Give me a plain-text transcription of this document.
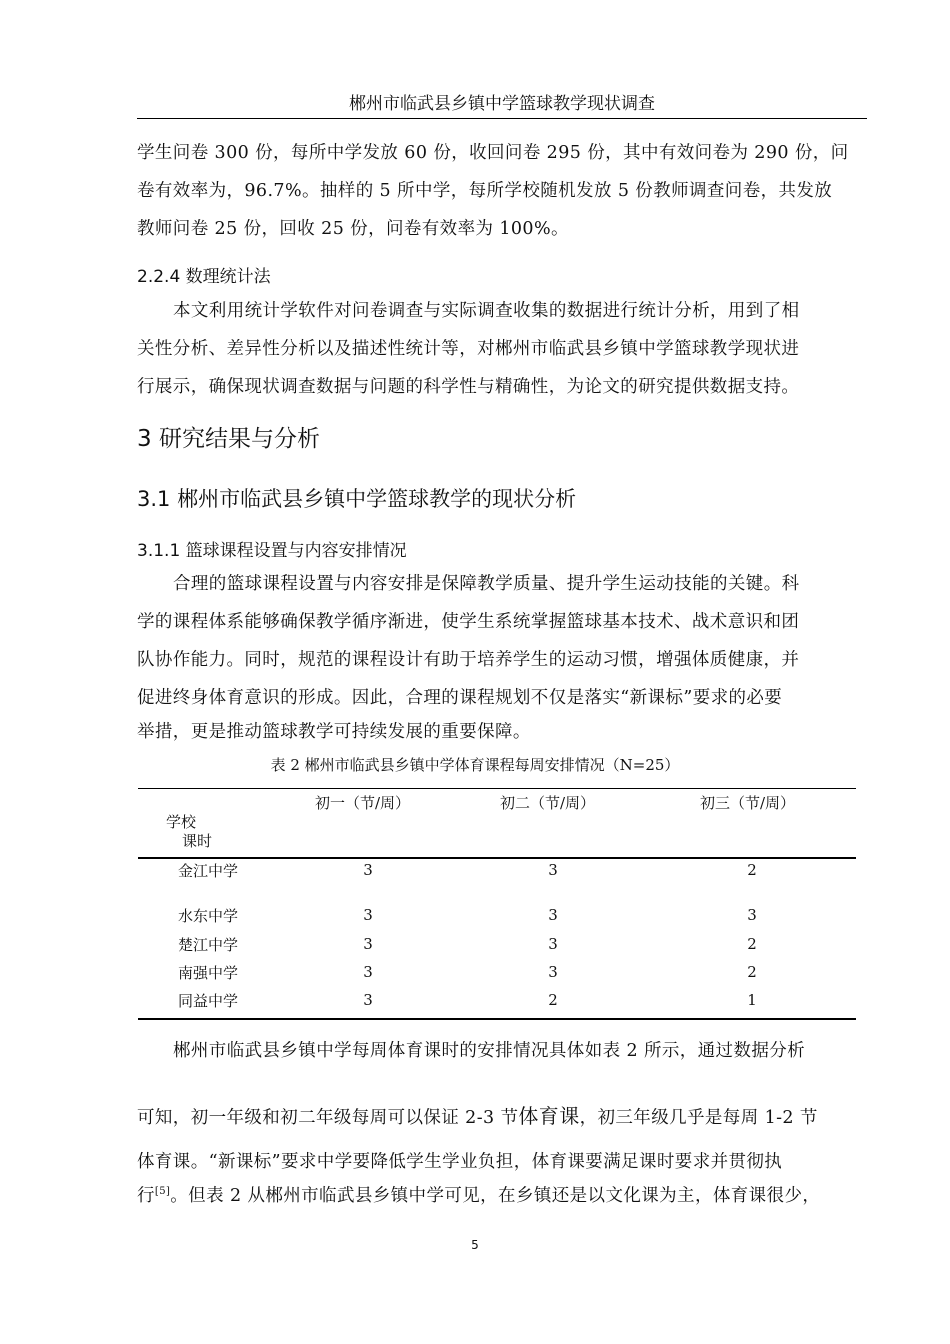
郴州市临武县乡镇中学篮球教学现状调查
学生问卷 300 份，每所中学发放 60 份，收回问卷 295 份，其中有效问卷为 290 份，问
卷有效率为，96.7%。抽样的 5 所中学，每所学校随机发放 5 份教师调查问卷，共发放
教师问卷 25 份，回收 25 份，问卷有效率为 100%。
2.2.4 数理统计法
本文利用统计学软件对问卷调查与实际调查收集的数据进行统计分析，用到了相
关性分析、差异性分析以及描述性统计等，对郴州市临武县乡镇中学篮球教学现状进
行展示，确保现状调查数据与问题的科学性与精确性，为论文的研究提供数据支持。
3 研究结果与分析
3.1 郴州市临武县乡镇中学篮球教学的现状分析
3.1.1 篮球课程设置与内容安排情况
合理的篮球课程设置与内容安排是保障教学质量、提升学生运动技能的关键。科
学的课程体系能够确保教学循序渐进，使学生系统掌握篮球基本技术、战术意识和团
队协作能力。同时，规范的课程设计有助于培养学生的运动习惯，增强体质健康，并
促进终身体育意识的形成。因此，合理的课程规划不仅是落实“新课标”要求的必要
举措，更是推动篮球教学可持续发展的重要保障。
表 2 郴州市临武县乡镇中学体育课程每周安排情况（N=25）
学校
课时
初一（节/周）	初二（节/周）	初三（节/周）
金江中学	3	3	2
水东中学	3	3	3
楚江中学	3	3	2
南强中学	3	3	2
同益中学	3	2	1
郴州市临武县乡镇中学每周体育课时的安排情况具体如表 2 所示，通过数据分析
可知，初一年级和初二年级每周可以保证 2-3 节体育课，初三年级几乎是每周 1-2 节
体育课。“新课标”要求中学要降低学生学业负担，体育课要满足课时要求并贯彻执
行[5]。但表 2 从郴州市临武县乡镇中学可见，在乡镇还是以文化课为主，体育课很少，
5
